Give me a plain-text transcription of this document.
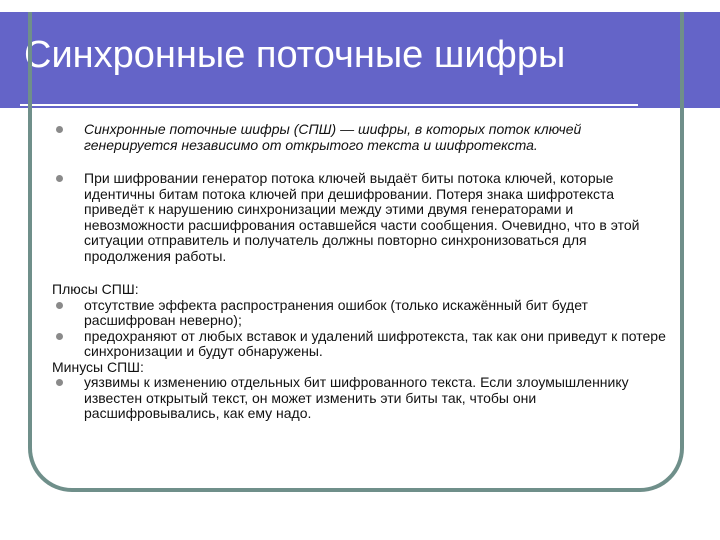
Синхронные поточные шифры
Синхронные поточные шифры (СПШ) — шифры, в которых поток ключей генерируется независимо от открытого текста и шифротекста.
При шифровании генератор потока ключей выдаёт биты потока ключей, которые идентичны битам потока ключей при дешифровании. Потеря знака шифротекста приведёт к нарушению синхронизации между этими двумя генераторами и невозможности расшифрования оставшейся части сообщения. Очевидно, что в этой ситуации отправитель и получатель должны повторно синхронизоваться для продолжения работы.

Плюсы СПШ:

отсутствие эффекта распространения ошибок (только искажённый бит будет расшифрован неверно);
предохраняют от любых вставок и удалений шифротекста, так как они приведут к потере синхронизации и будут обнаружены.

Минусы СПШ:

уязвимы к изменению отдельных бит шифрованного текста. Если злоумышленнику известен открытый текст, он может изменить эти биты так, чтобы они расшифровывались, как ему надо.
